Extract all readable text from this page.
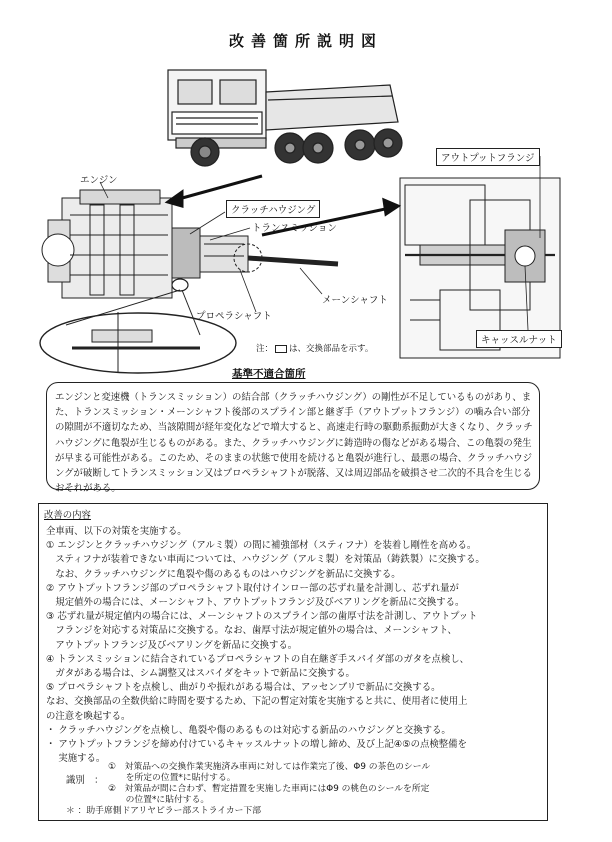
改善箇所説明図
エンジン
クラッチハウジング
トランスミッション
メーンシャフト
プロペラシャフト
アウトプットフランジ
キャッスルナット
注： は、交換部品を示す。
基準不適合箇所
エンジンと変速機（トランスミッション）の結合部（クラッチハウジング）の剛性が不足しているものがあり、また、トランスミッション・メーンシャフト後部のスプライン部と継ぎ手（アウトプットフランジ）の噛み合い部分の隙間が不適切なため、当該隙間が経年変化などで増大すると、高速走行時の駆動系振動が大きくなり、クラッチハウジングに亀裂が生じるものがある。また、クラッチハウジングに鋳造時の傷などがある場合、この亀裂の発生が早まる可能性がある。このため、そのままの状態で使用を続けると亀裂が進行し、最悪の場合、クラッチハウジングが破断してトランスミッション又はプロペラシャフトが脱落、又は周辺部品を破損させ二次的不具合を生じるおそれがある。
改善の内容
全車両、以下の対策を実施する。
① エンジンとクラッチハウジング（アルミ製）の間に補強部材（スティフナ）を装着し剛性を高める。
　スティフナが装着できない車両については、ハウジング（アルミ製）を対策品（鋳鉄製）に交換する。
　なお、クラッチハウジングに亀裂や傷のあるものはハウジングを新品に交換する。
② アウトプットフランジ部のプロペラシャフト取付けインロー部の芯ずれ量を計測し、芯ずれ量が
　規定値外の場合には、メーンシャフト、アウトプットフランジ及びベアリングを新品に交換する。
③ 芯ずれ量が規定値内の場合には、メーンシャフトのスプライン部の歯厚寸法を計測し、アウトプット
　フランジを対応する対策品に交換する。なお、歯厚寸法が規定値外の場合は、メーンシャフト、
　アウトプットフランジ及びベアリングを新品に交換する。
④ トランスミッションに結合されているプロペラシャフトの自在継ぎ手スパイダ部のガタを点検し、
　ガタがある場合は、シム調整又はスパイダをキットで新品に交換する。
⑤ プロペラシャフトを点検し、曲がりや振れがある場合は、アッセンブリで新品に交換する。
なお、交換部品の全数供給に時間を要するため、下記の暫定対策を実施すると共に、使用者に使用上
の注意を喚起する。
・ クラッチハウジングを点検し、亀裂や傷のあるものは対応する新品のハウジングと交換する。
・ アウトプットフランジを締め付けているキャッスルナットの増し締め、及び上記④⑤の点検整備を
　 実施する。
識別　：
①　対策品への交換作業実施済み車両に対しては作業完了後、Φ9 の茶色のシール
　　を所定の位置*に貼付する。
②　対策品が間に合わず、暫定措置を実施した車両にはΦ9 の桃色のシールを所定
　　の位置*に貼付する。
＊ ：助手席側ドアリヤピラー部ストライカー下部
